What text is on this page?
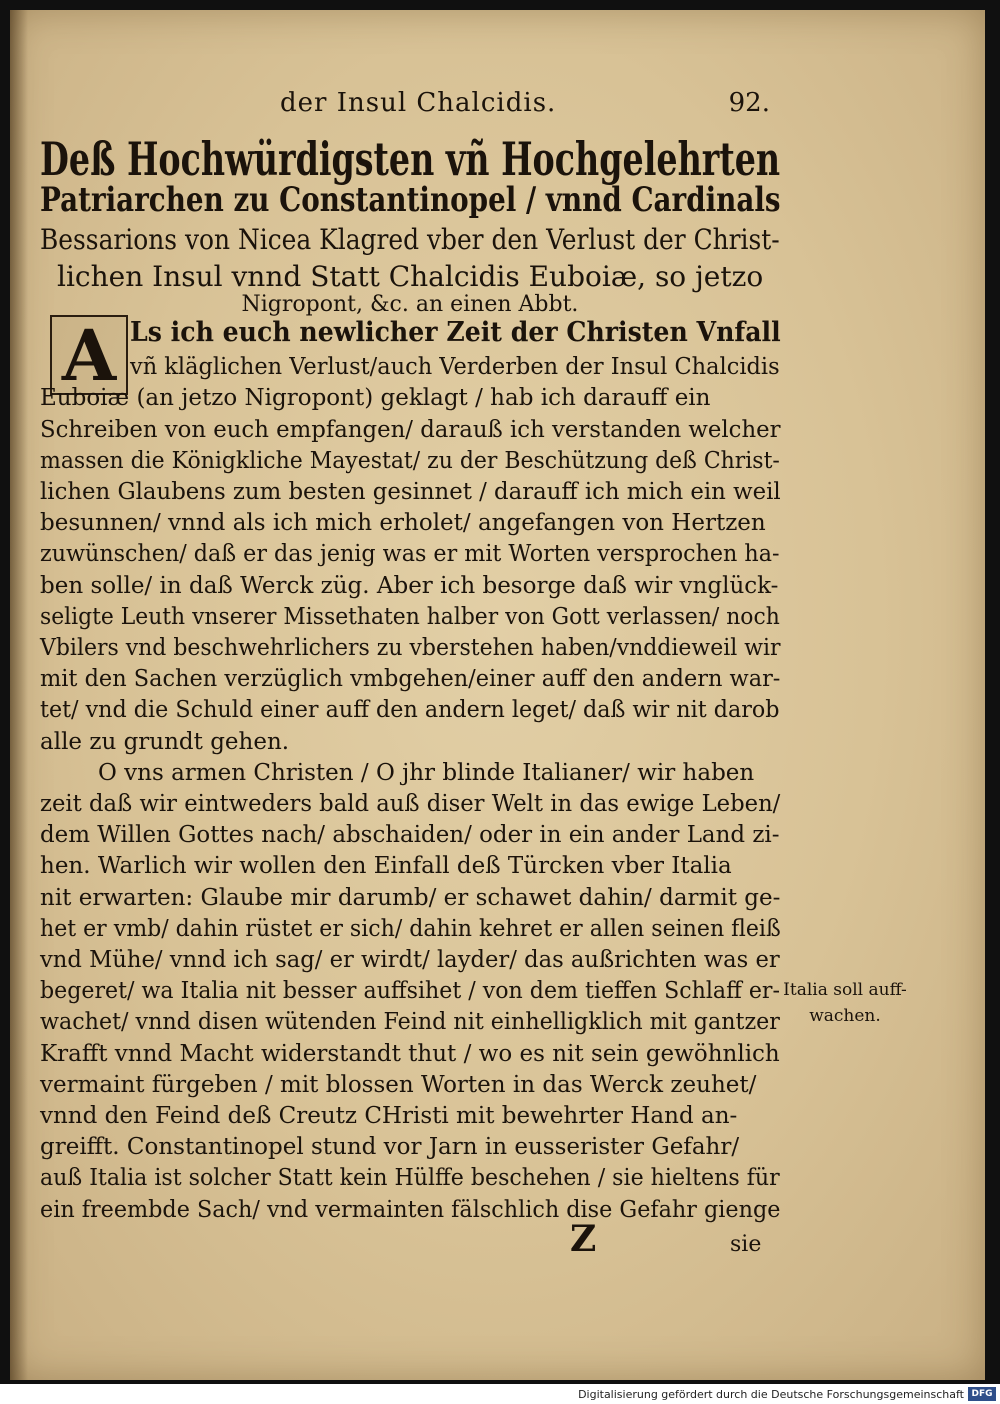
der Insul Chalcidis.	92.
Deß Hochwürdigsten vñ Hochgelehrten
Patriarchen zu Constantinopel / vnnd Cardinals
Bessarions von Nicea Klagred vber den Verlust der Christ-
lichen Insul vnnd Statt Chalcidis Euboiæ, so jetzo
Nigropont, &c. an einen Abbt.
A Ls ich euch newlicher Zeit der Christen Vnfall
vñ kläglichen Verlust/auch Verderben der Insul Chalcidis
Euboiæ (an jetzo Nigropont) geklagt / hab ich darauff ein
Schreiben von euch empfangen/ darauß ich verstanden welcher
massen die Königkliche Mayestat/ zu der Beschützung deß Christ-
lichen Glaubens zum besten gesinnet / darauff ich mich ein weil
besunnen/ vnnd als ich mich erholet/ angefangen von Hertzen
zuwünschen/ daß er das jenig was er mit Worten versprochen ha-
ben solle/ in daß Werck züg. Aber ich besorge daß wir vnglück-
seligte Leuth vnserer Missethaten halber von Gott verlassen/ noch
Vbilers vnd beschwehrlichers zu vberstehen haben/vnddieweil wir
mit den Sachen verzüglich vmbgehen/einer auff den andern war-
tet/ vnd die Schuld einer auff den andern leget/ daß wir nit darob
alle zu grundt gehen.
O vns armen Christen / O jhr blinde Italianer/ wir haben
zeit daß wir eintweders bald auß diser Welt in das ewige Leben/
dem Willen Gottes nach/ abschaiden/ oder in ein ander Land zi-
hen. Warlich wir wollen den Einfall deß Türcken vber Italia
nit erwarten: Glaube mir darumb/ er schawet dahin/ darmit ge-
het er vmb/ dahin rüstet er sich/ dahin kehret er allen seinen fleiß
vnd Mühe/ vnnd ich sag/ er wirdt/ layder/ das außrichten was er
begeret/ wa Italia nit besser auffsihet / von dem tieffen Schlaff er-
wachet/ vnnd disen wütenden Feind nit einhelligklich mit gantzer
Krafft vnnd Macht widerstandt thut / wo es nit sein gewöhnlich
vermaint fürgeben / mit blossen Worten in das Werck zeuhet/
vnnd den Feind deß Creutz CHristi mit bewehrter Hand an-
greifft. Constantinopel stund vor Jarn in eusserister Gefahr/
auß Italia ist solcher Statt kein Hülffe beschehen / sie hieltens für
ein freembde Sach/ vnd vermainten fälschlich dise Gefahr gienge
Italia soll auff-
wachen.
Z	sie
Digitalisierung gefördert durch die Deutsche Forschungsgemeinschaft DFG
